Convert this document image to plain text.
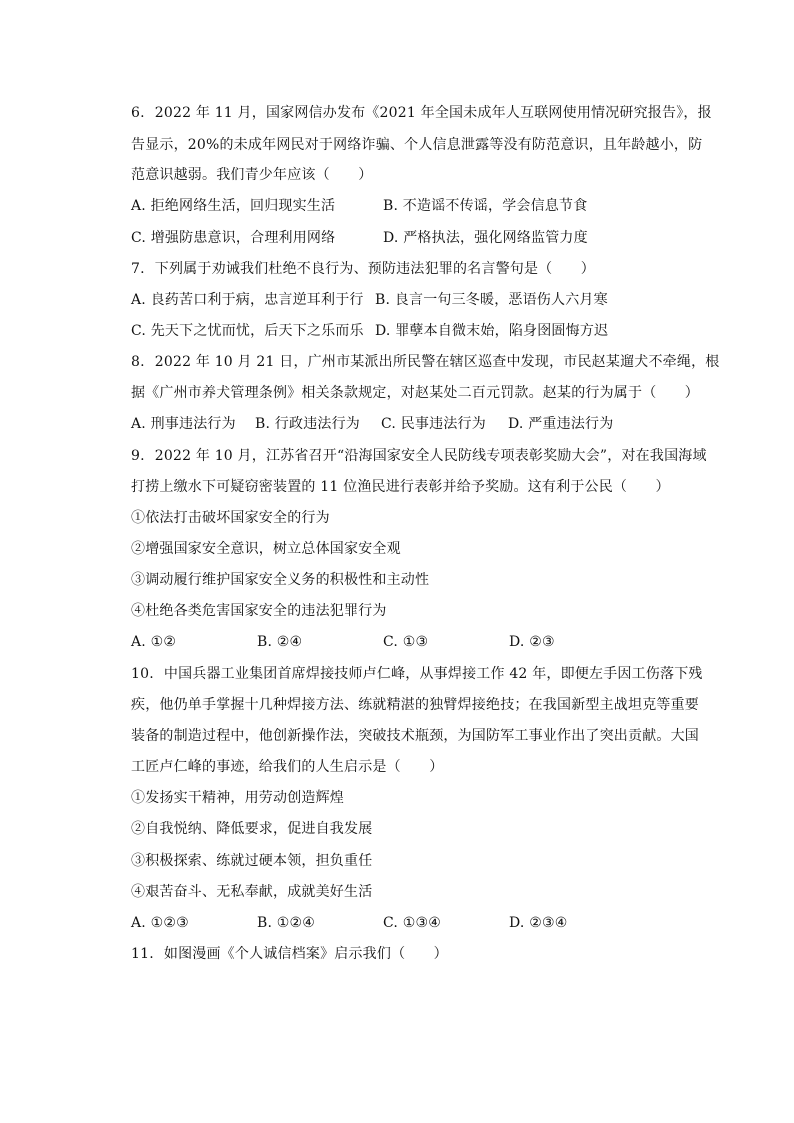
6. 2022 年 11 月，国家网信办发布《2021 年全国未成年人互联网使用情况研究报告》，报
告显示，20%的未成年网民对于网络诈骗、个人信息泄露等没有防范意识，且年龄越小，防
范意识越弱。我们青少年应该（　　）
A. 拒绝网络生活，回归现实生活	B. 不造谣不传谣，学会信息节食
C. 增强防患意识，合理利用网络	D. 严格执法，强化网络监管力度
7. 下列属于劝诫我们杜绝不良行为、预防违法犯罪的名言警句是（　　）
A. 良药苦口利于病，忠言逆耳利于行 B. 良言一句三冬暖，恶语伤人六月寒
C. 先天下之忧而忧，后天下之乐而乐 D. 罪孽本自微末始，陷身囹圄悔方迟
8. 2022 年 10 月 21 日，广州市某派出所民警在辖区巡查中发现，市民赵某遛犬不牵绳，根
据《广州市养犬管理条例》相关条款规定，对赵某处二百元罚款。赵某的行为属于（　　）
A. 刑事违法行为 B. 行政违法行为 C. 民事违法行为 D. 严重违法行为
9. 2022 年 10 月，江苏省召开“沿海国家安全人民防线专项表彰奖励大会”，对在我国海域
打捞上缴水下可疑窃密装置的 11 位渔民进行表彰并给予奖励。这有利于公民（　　）
①依法打击破坏国家安全的行为
②增强国家安全意识，树立总体国家安全观
③调动履行维护国家安全义务的积极性和主动性
④杜绝各类危害国家安全的违法犯罪行为
A. ①②	B. ②④	C. ①③	D. ②③
10. 中国兵器工业集团首席焊接技师卢仁峰，从事焊接工作 42 年，即便左手因工伤落下残
疾，他仍单手掌握十几种焊接方法、练就精湛的独臂焊接绝技；在我国新型主战坦克等重要
装备的制造过程中，他创新操作法，突破技术瓶颈，为国防军工事业作出了突出贡献。大国
工匠卢仁峰的事迹，给我们的人生启示是（　　）
①发扬实干精神，用劳动创造辉煌
②自我悦纳、降低要求，促进自我发展
③积极探索、练就过硬本领，担负重任
④艰苦奋斗、无私奉献，成就美好生活
A. ①②③	B. ①②④	C. ①③④	D. ②③④
11. 如图漫画《个人诚信档案》启示我们（　　）
